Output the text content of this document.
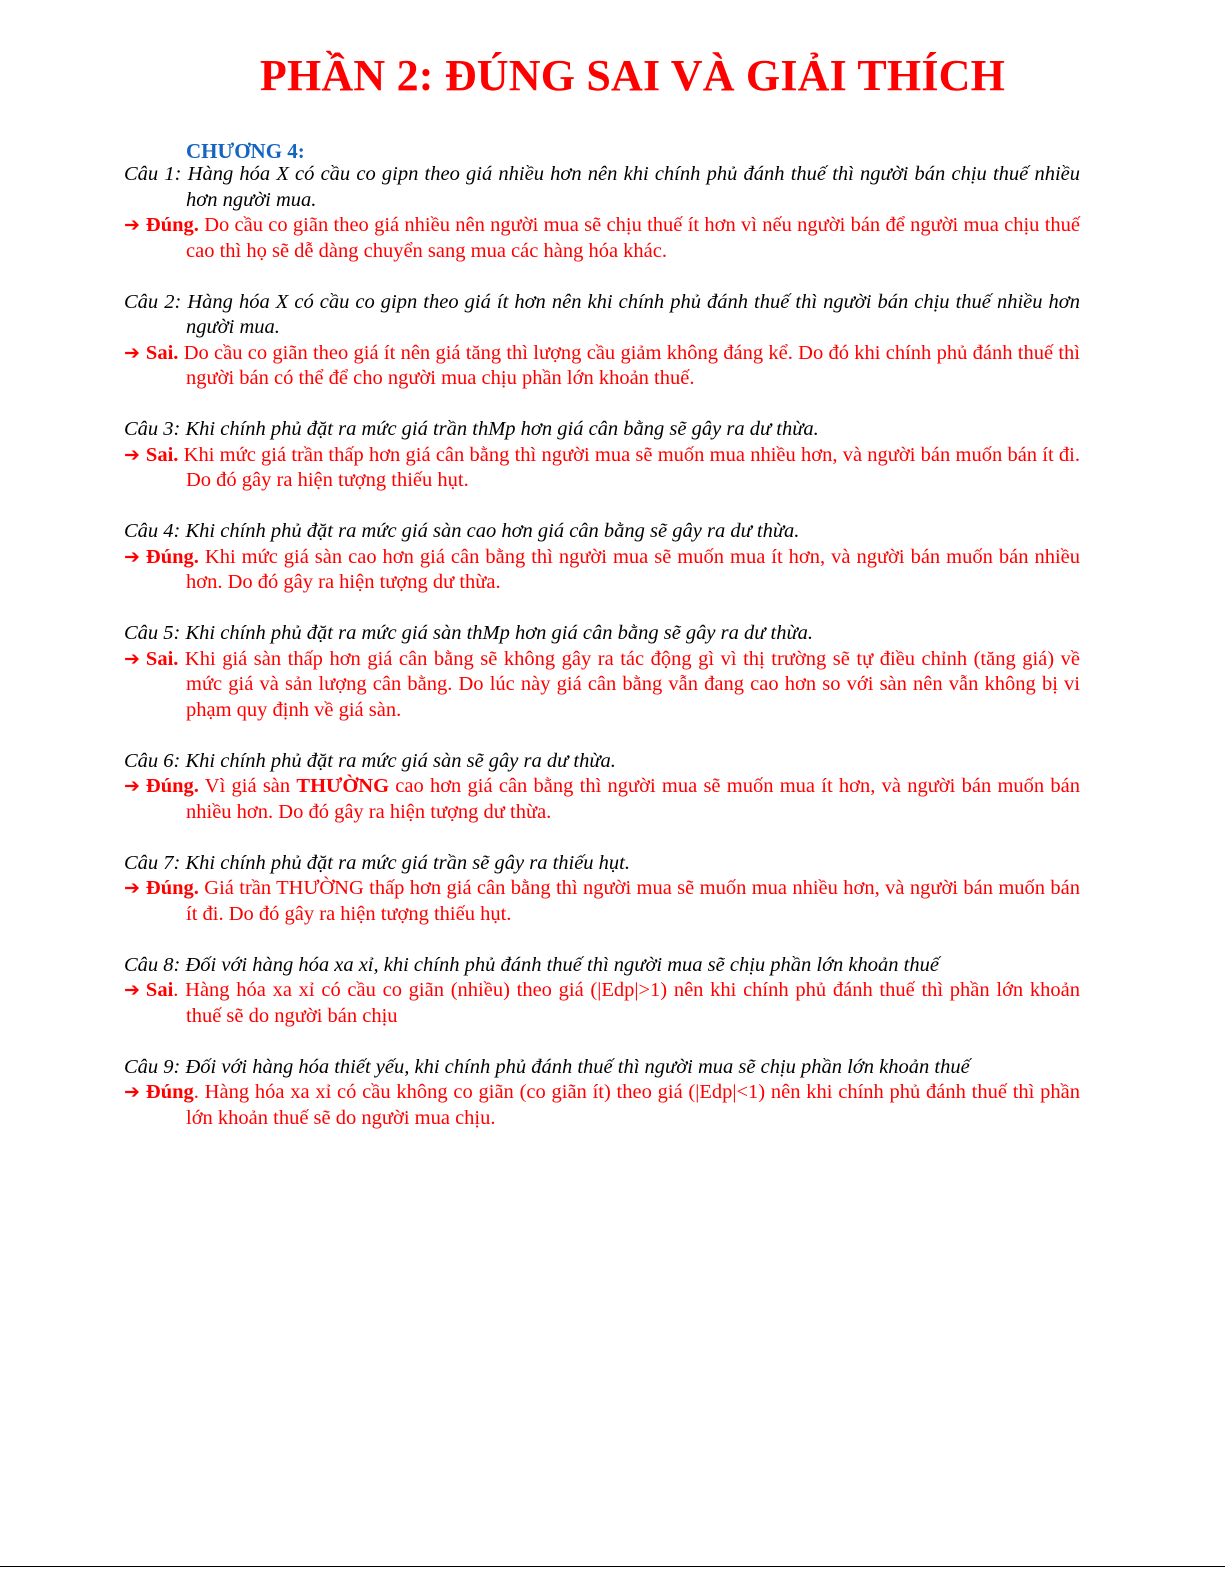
PHẦN 2: ĐÚNG SAI VÀ GIẢI THÍCH
CHƯƠNG 4:
Câu 1: Hàng hóa X có cầu co gipn theo giá nhiều hơn nên khi chính phủ đánh thuế thì người bán chịu thuế nhiều hơn người mua.
➔ Đúng. Do cầu co giãn theo giá nhiều nên người mua sẽ chịu thuế ít hơn vì nếu người bán để người mua chịu thuế cao thì họ sẽ dễ dàng chuyển sang mua các hàng hóa khác.
Câu 2: Hàng hóa X có cầu co gipn theo giá ít hơn nên khi chính phủ đánh thuế thì người bán chịu thuế nhiều hơn người mua.
➔ Sai. Do cầu co giãn theo giá ít nên giá tăng thì lượng cầu giảm không đáng kể. Do đó khi chính phủ đánh thuế thì người bán có thể để cho người mua chịu phần lớn khoản thuế.
Câu 3: Khi chính phủ đặt ra mức giá trần thMp hơn giá cân bằng sẽ gây ra dư thừa.
➔ Sai. Khi mức giá trần thấp hơn giá cân bằng thì người mua sẽ muốn mua nhiều hơn, và người bán muốn bán ít đi. Do đó gây ra hiện tượng thiếu hụt.
Câu 4: Khi chính phủ đặt ra mức giá sàn cao hơn giá cân bằng sẽ gây ra dư thừa.
➔ Đúng. Khi mức giá sàn cao hơn giá cân bằng thì người mua sẽ muốn mua ít hơn, và người bán muốn bán nhiều hơn. Do đó gây ra hiện tượng dư thừa.
Câu 5: Khi chính phủ đặt ra mức giá sàn thMp hơn giá cân bằng sẽ gây ra dư thừa.
➔ Sai. Khi giá sàn thấp hơn giá cân bằng sẽ không gây ra tác động gì vì thị trường sẽ tự điều chỉnh (tăng giá) về mức giá và sản lượng cân bằng. Do lúc này giá cân bằng vẫn đang cao hơn so với sàn nên vẫn không bị vi phạm quy định về giá sàn.
Câu 6: Khi chính phủ đặt ra mức giá sàn sẽ gây ra dư thừa.
➔ Đúng. Vì giá sàn THƯỜNG cao hơn giá cân bằng thì người mua sẽ muốn mua ít hơn, và người bán muốn bán nhiều hơn. Do đó gây ra hiện tượng dư thừa.
Câu 7: Khi chính phủ đặt ra mức giá trần sẽ gây ra thiếu hụt.
➔ Đúng. Giá trần THƯỜNG thấp hơn giá cân bằng thì người mua sẽ muốn mua nhiều hơn, và người bán muốn bán ít đi. Do đó gây ra hiện tượng thiếu hụt.
Câu 8: Đối với hàng hóa xa xỉ, khi chính phủ đánh thuế thì người mua sẽ chịu phần lớn khoản thuế
➔ Sai. Hàng hóa xa xỉ có cầu co giãn (nhiều) theo giá (|Edp|>1) nên khi chính phủ đánh thuế thì phần lớn khoản thuế sẽ do người bán chịu
Câu 9: Đối với hàng hóa thiết yếu, khi chính phủ đánh thuế thì người mua sẽ chịu phần lớn khoản thuế
➔ Đúng. Hàng hóa xa xỉ có cầu không co giãn (co giãn ít) theo giá (|Edp|<1) nên khi chính phủ đánh thuế thì phần lớn khoản thuế sẽ do người mua chịu.
